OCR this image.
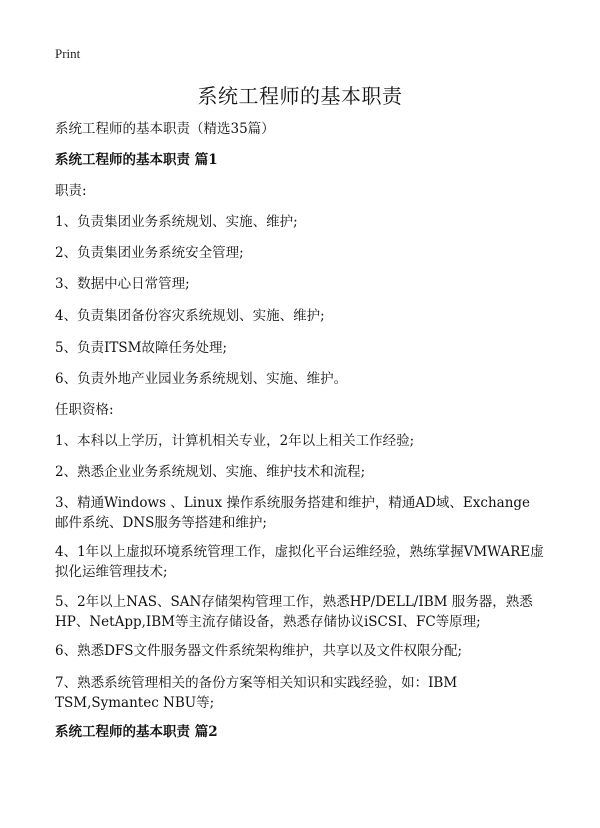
Print
系统工程师的基本职责

系统工程师的基本职责（精选35篇）

系统工程师的基本职责 篇1

职责:

1、负责集团业务系统规划、实施、维护;

2、负责集团业务系统安全管理;

3、数据中心日常管理;

4、负责集团备份容灾系统规划、实施、维护;

5、负责ITSM故障任务处理;

6、负责外地产业园业务系统规划、实施、维护。

任职资格:

1、本科以上学历，计算机相关专业，2年以上相关工作经验;

2、熟悉企业业务系统规划、实施、维护技术和流程;

3、精通Windows 、Linux 操作系统服务搭建和维护，精通AD域、Exchange 邮件系统、DNS服务等搭建和维护;

4、1年以上虚拟环境系统管理工作，虚拟化平台运维经验，熟练掌握VMWARE虚拟化运维管理技术;

5、2年以上NAS、SAN存储架构管理工作，熟悉HP/DELL/IBM 服务器，熟悉HP、NetApp,IBM等主流存储设备，熟悉存储协议iSCSI、FC等原理;

6、熟悉DFS文件服务器文件系统架构维护，共享以及文件权限分配;

7、熟悉系统管理相关的备份方案等相关知识和实践经验，如：IBM TSM,Symantec NBU等;

系统工程师的基本职责 篇2
